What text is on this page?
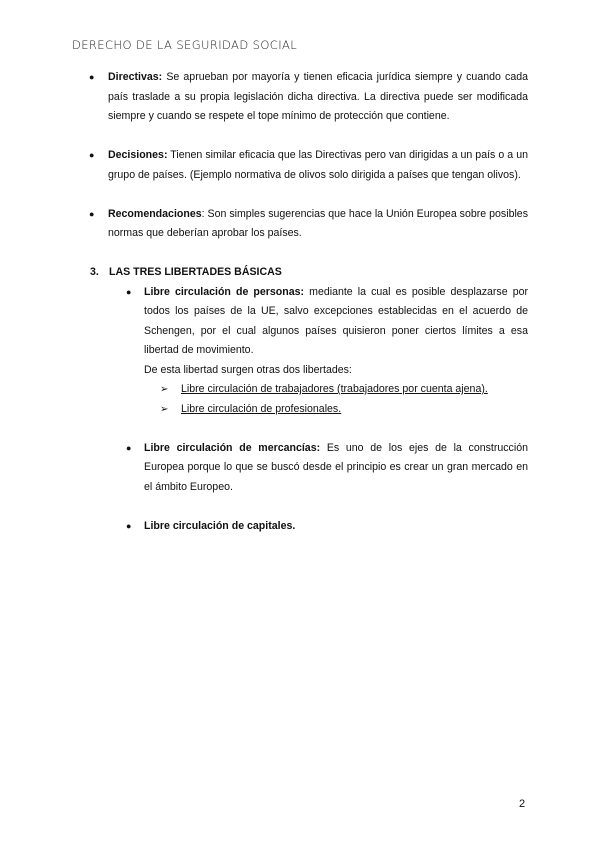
DERECHO DE LA SEGURIDAD SOCIAL
● Directivas: Se aprueban por mayoría y tienen eficacia jurídica siempre y cuando cada país traslade a su propia legislación dicha directiva. La directiva puede ser modificada siempre y cuando se respete el tope mínimo de protección que contiene.
● Decisiones: Tienen similar eficacia que las Directivas pero van dirigidas a un país o a un grupo de países. (Ejemplo normativa de olivos solo dirigida a países que tengan olivos).
● Recomendaciones: Son simples sugerencias que hace la Unión Europea sobre posibles normas que deberían aprobar los países.
3. LAS TRES LIBERTADES BÁSICAS
● Libre circulación de personas: mediante la cual es posible desplazarse por todos los países de la UE, salvo excepciones establecidas en el acuerdo de Schengen, por el cual algunos países quisieron poner ciertos límites a esa libertad de movimiento.
De esta libertad surgen otras dos libertades:
➢ Libre circulación de trabajadores (trabajadores por cuenta ajena).
➢ Libre circulación de profesionales.
● Libre circulación de mercancías: Es uno de los ejes de la construcción Europea porque lo que se buscó desde el principio es crear un gran mercado en el ámbito Europeo.
● Libre circulación de capitales.
2
